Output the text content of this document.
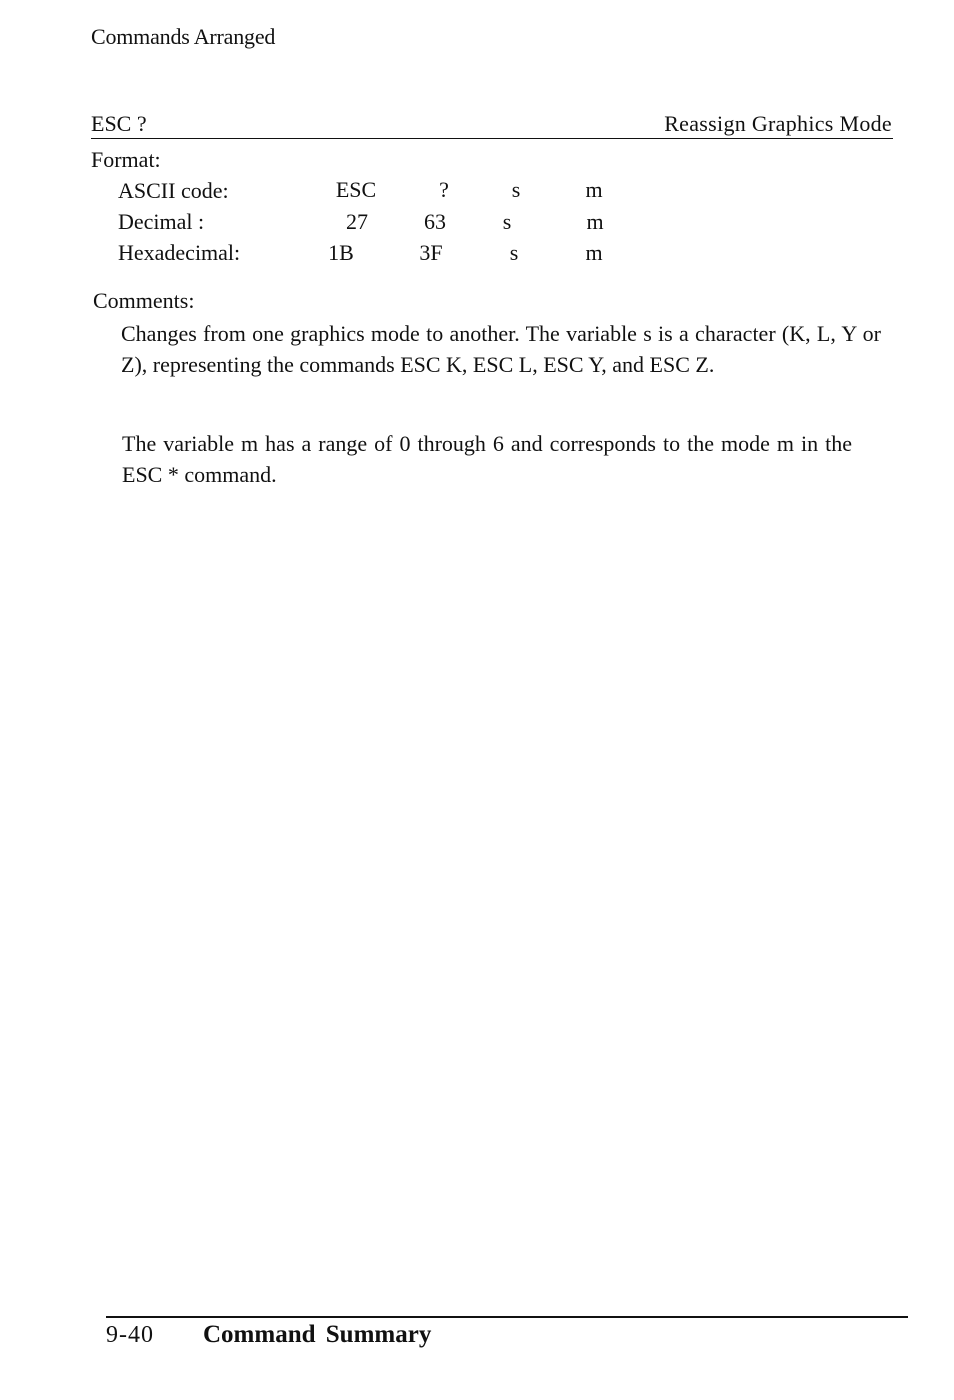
Commands Arranged
ESC ?	Reassign Graphics Mode
Format:
ASCII code:	ESC	?	s	m
Decimal :	27	63	s	m
Hexadecimal:	1B	3F	s	m
Comments:

Changes from one graphics mode to another. The variable s is a character (K, L, Y or Z), representing the commands ESC K, ESC L, ESC Y, and ESC Z.

The variable m has a range of 0 through 6 and corresponds to the mode m in the ESC * command.

9-40 Command Summary
